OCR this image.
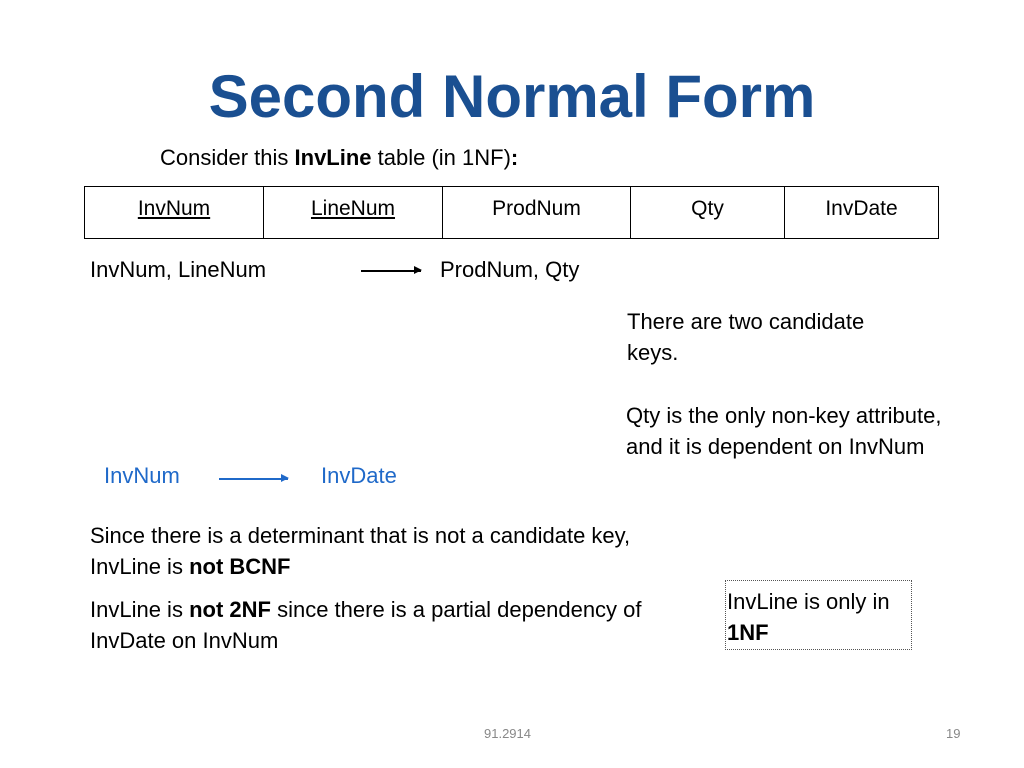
Second Normal Form
Consider this InvLine table (in 1NF):
InvNum	LineNum	ProdNum	Qty	InvDate
InvNum, LineNum	ProdNum, Qty
There are two candidate keys.
Qty is the only non-key attribute, and it is dependent on InvNum
InvNum	InvDate
Since there is a determinant that is not a candidate key, InvLine is not BCNF
InvLine is not 2NF since there is a partial dependency of InvDate on InvNum
InvLine is only in 1NF
91.2914	19
